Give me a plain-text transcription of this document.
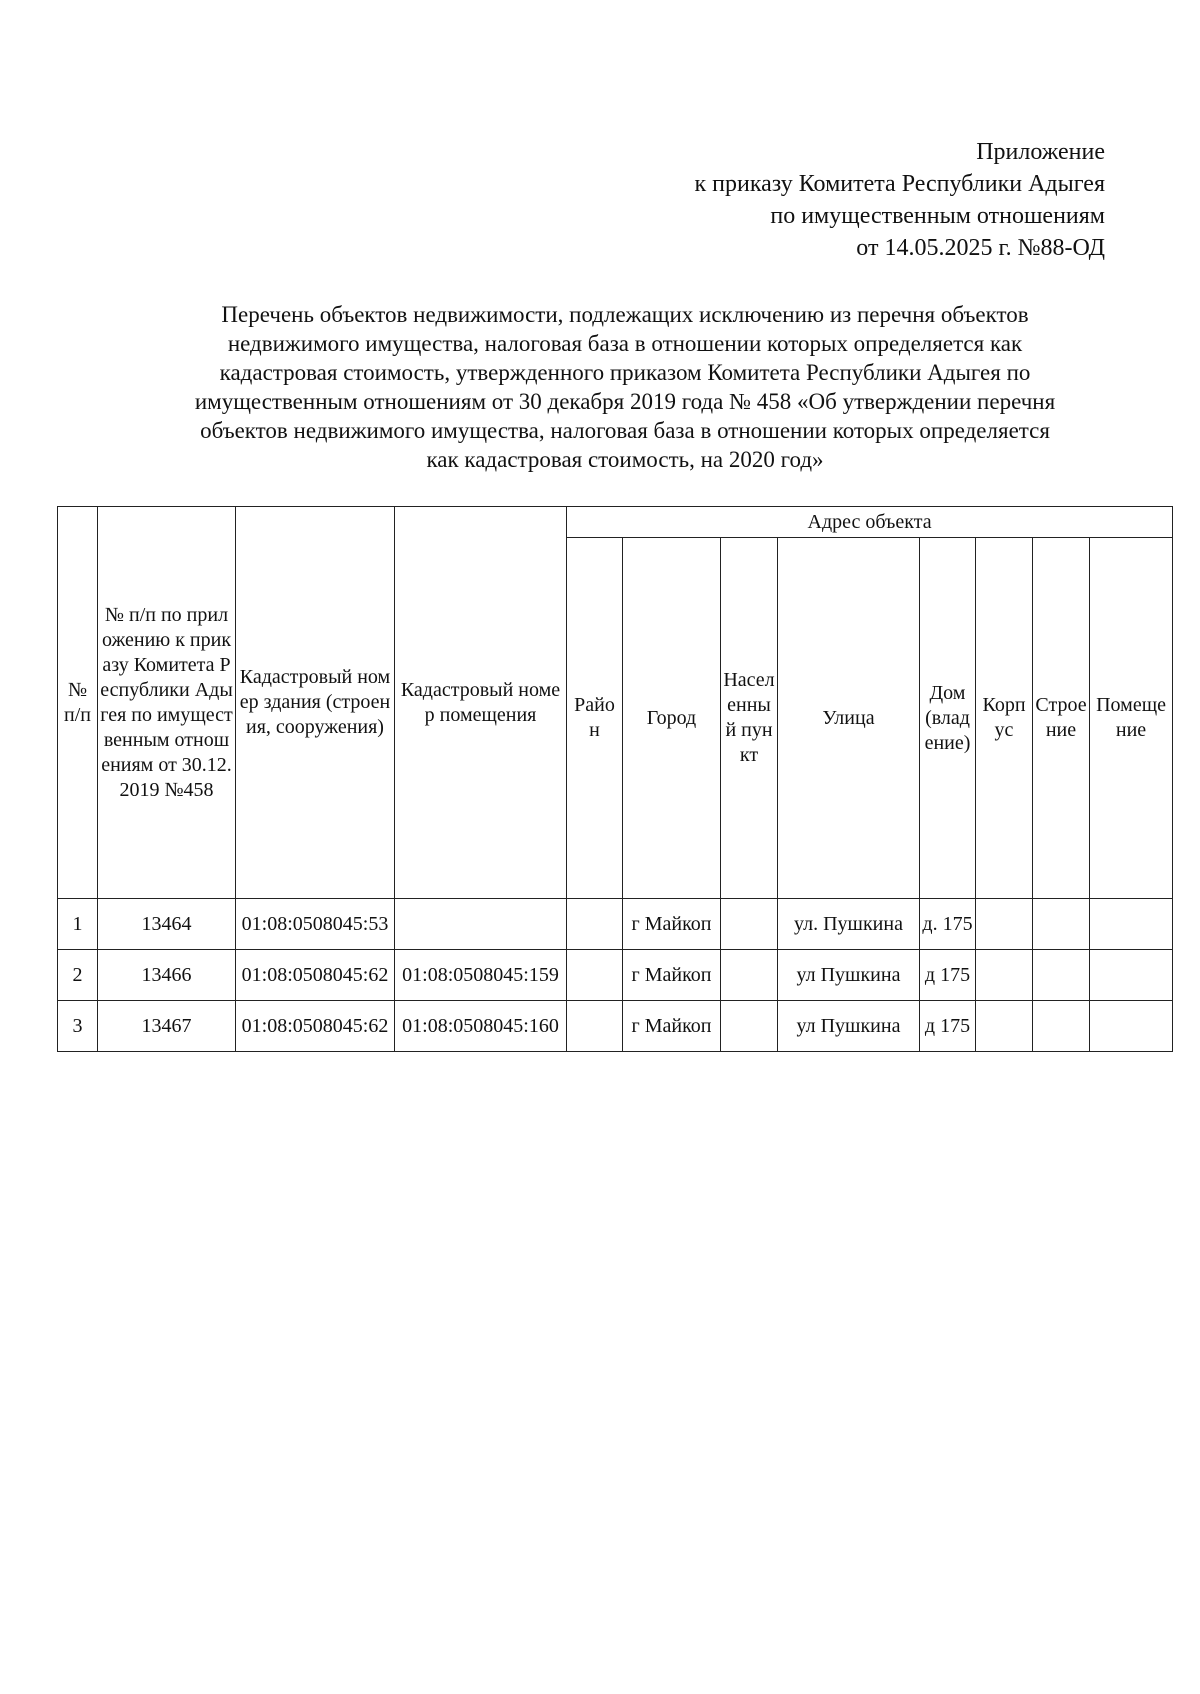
Приложение
к приказу Комитета Республики Адыгея
по имущественным отношениям
от 14.05.2025 г. №88-ОД
Перечень объектов недвижимости, подлежащих исключению из перечня объектов
недвижимого имущества, налоговая база в отношении которых определяется как
кадастровая стоимость, утвержденного приказом Комитета Республики Адыгея по
имущественным отношениям от 30 декабря 2019 года № 458 «Об утверждении перечня
объектов недвижимого имущества, налоговая база в отношении которых определяется
как кадастровая стоимость, на 2020 год»
№ п/п	№ п/п по приложению к приказу Комитета Республики Адыгея по имущественным отношениям от 30.12.2019 №458	Кадастровый номер здания (строения, сооружения)	Кадастровый номер помещения	Адрес объекта							
				Район	Город	Населенный пункт	Улица	Дом (владение)	Корпус	Строение	Помещение
1	13464	01:08:0508045:53			г Майкоп		ул. Пушкина	д. 175			
2	13466	01:08:0508045:62	01:08:0508045:159		г Майкоп		ул Пушкина	д 175			
3	13467	01:08:0508045:62	01:08:0508045:160		г Майкоп		ул Пушкина	д 175			
